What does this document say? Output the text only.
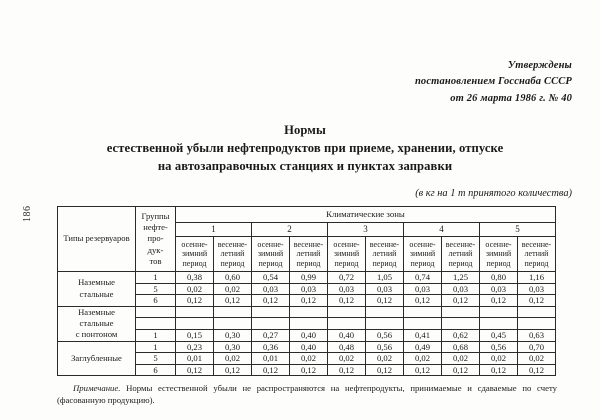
186
Утверждены
постановлением Госснаба СССР
от 26 марта 1986 г. № 40
Нормы
естественной убыли нефтепродуктов при приеме, хранении, отпуске
на автозаправочных станциях и пунктах заправки
(в кг на 1 т принятого количества)
Типы резервуаров	Группы
нефте-
про-
дук-
тов	Климатические зоны									
		1		2		3		4		5	
		осенне-зимний период	весенне-летний период	осенне-зимний период	весенне-летний период	осенне-зимний период	весенне-летний период	осенне-зимний период	весенне-летний период	осенне-зимний период	весенне-летний период

Наземные
стальные	1	0,38	0,60	0,54	0,99	0,72	1,05	0,74	1,25	0,80	1,16
	5	0,02	0,02	0,03	0,03	0,03	0,03	0,03	0,03	0,03	0,03
	6	0,12	0,12	0,12	0,12	0,12	0,12	0,12	0,12	0,12	0,12

Наземные
стальные
с понтоном											

	1	0,15	0,30	0,27	0,40	0,40	0,56	0,41	0,62	0,45	0,63

Заглубленные	1	0,23	0,30	0,36	0,40	0,48	0,56	0,49	0,68	0,56	0,70
	5	0,01	0,02	0,01	0,02	0,02	0,02	0,02	0,02	0,02	0,02
	6	0,12	0,12	0,12	0,12	0,12	0,12	0,12	0,12	0,12	0,12
Примечание. Нормы естественной убыли не распространяются на нефтепродукты, принимаемые и сдаваемые по счету (фасованную продукцию).
